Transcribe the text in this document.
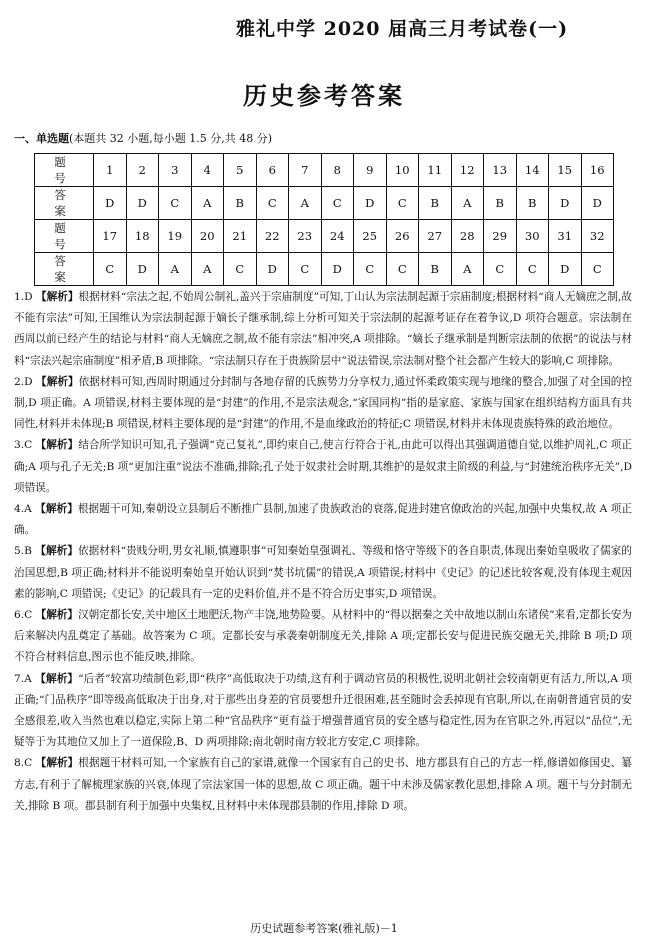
雅礼中学 2020 届高三月考试卷(一)
历史参考答案
一、单选题(本题共 32 小题,每小题 1.5 分,共 48 分)
题　号	1	2	3	4	5	6	7	8	9	10	11	12	13	14	15	16
答　案	D	D	C	A	B	C	A	C	D	C	B	A	B	B	D	D
题　号	17	18	19	20	21	22	23	24	25	26	27	28	29	30	31	32
答　案	C	D	A	A	C	D	C	D	C	C	B	A	C	C	D	C

1.D 【解析】根据材料“宗法之起,不始周公制礼,盖兴于宗庙制度”可知,丁山认为宗法制起源于宗庙制度;根据材料“商人无嫡庶之制,故不能有宗法”可知,王国维认为宗法制起源于嫡长子继承制,综上分析可知关于宗法制的起源考证存在着争议,D 项符合题意。宗法制在西周以前已经产生的结论与材料“商人无嫡庶之制,故不能有宗法”相冲突,A 项排除。“嫡长子继承制是判断宗法制的依据”的说法与材料“宗法兴起宗庙制度”相矛盾,B 项排除。“宗法制只存在于贵族阶层中”说法错误,宗法制对整个社会都产生较大的影响,C 项排除。

2.D 【解析】依据材料可知,西周时期通过分封制与各地存留的氏族势力分享权力,通过怀柔政策实现与地缘的整合,加强了对全国的控制,D 项正确。A 项错误,材料主要体现的是“封建”的作用,不是宗法观念,“家国同构”指的是家庭、家族与国家在组织结构方面具有共同性,材料并未体现;B 项错误,材料主要体现的是“封建”的作用,不是血缘政治的特征;C 项错误,材料并未体现贵族特殊的政治地位。

3.C 【解析】结合所学知识可知,孔子强调“克己复礼”,即约束自己,使言行符合于礼,由此可以得出其强调道德自觉,以维护周礼,C 项正确;A 项与孔子无关;B 项“更加注重”说法不准确,排除;孔子处于奴隶社会时期,其维护的是奴隶主阶级的利益,与“封建统治秩序无关”,D 项错误。

4.A 【解析】根据题干可知,秦朝设立县制后不断推广县制,加速了贵族政治的衰落,促进封建官僚政治的兴起,加强中央集权,故 A 项正确。

5.B 【解析】依据材料“贵贱分明,男女礼顺,慎遵职事”可知秦始皇强调礼、等级和恪守等级下的各自职责,体现出秦始皇吸收了儒家的治国思想,B 项正确;材料并不能说明秦始皇开始认识到“焚书坑儒”的错误,A 项错误;材料中《史记》的记述比较客观,没有体现主观因素的影响,C 项错误;《史记》的记载具有一定的史料价值,并不是不符合历史事实,D 项错误。

6.C 【解析】汉朝定都长安,关中地区土地肥沃,物产丰饶,地势险要。从材料中的“得以据秦之关中故地以制山东诸侯”来看,定都长安为后来解决内乱奠定了基础。故答案为 C 项。定都长安与承袭秦朝制度无关,排除 A 项;定都长安与促进民族交融无关,排除 B 项;D 项不符合材料信息,图示也不能反映,排除。

7.A 【解析】“后者”较富功绩制色彩,即“秩序”高低取决于功绩,这有利于调动官员的积极性,说明北朝社会较南朝更有活力,所以,A 项正确;“门品秩序”即等级高低取决于出身,对于那些出身差的官员要想升迁很困难,甚至随时会丢掉现有官职,所以,在南朝普通官员的安全感很差,收入当然也难以稳定,实际上第二种“官品秩序”更有益于增强普通官员的安全感与稳定性,因为在官职之外,再冠以“品位”,无疑等于为其地位又加上了一道保险,B、D 两项排除;南北朝时南方较北方安定,C 项排除。

8.C 【解析】根据题干材料可知,一个家族有自己的家谱,就像一个国家有自己的史书、地方郡县有自己的方志一样,修谱如修国史、纂方志,有利于了解梳理家族的兴衰,体现了宗法家国一体的思想,故 C 项正确。题干中未涉及儒家教化思想,排除 A 项。题干与分封制无关,排除 B 项。郡县制有利于加强中央集权,且材料中未体现郡县制的作用,排除 D 项。

历史试题参考答案(雅礼版)－1
